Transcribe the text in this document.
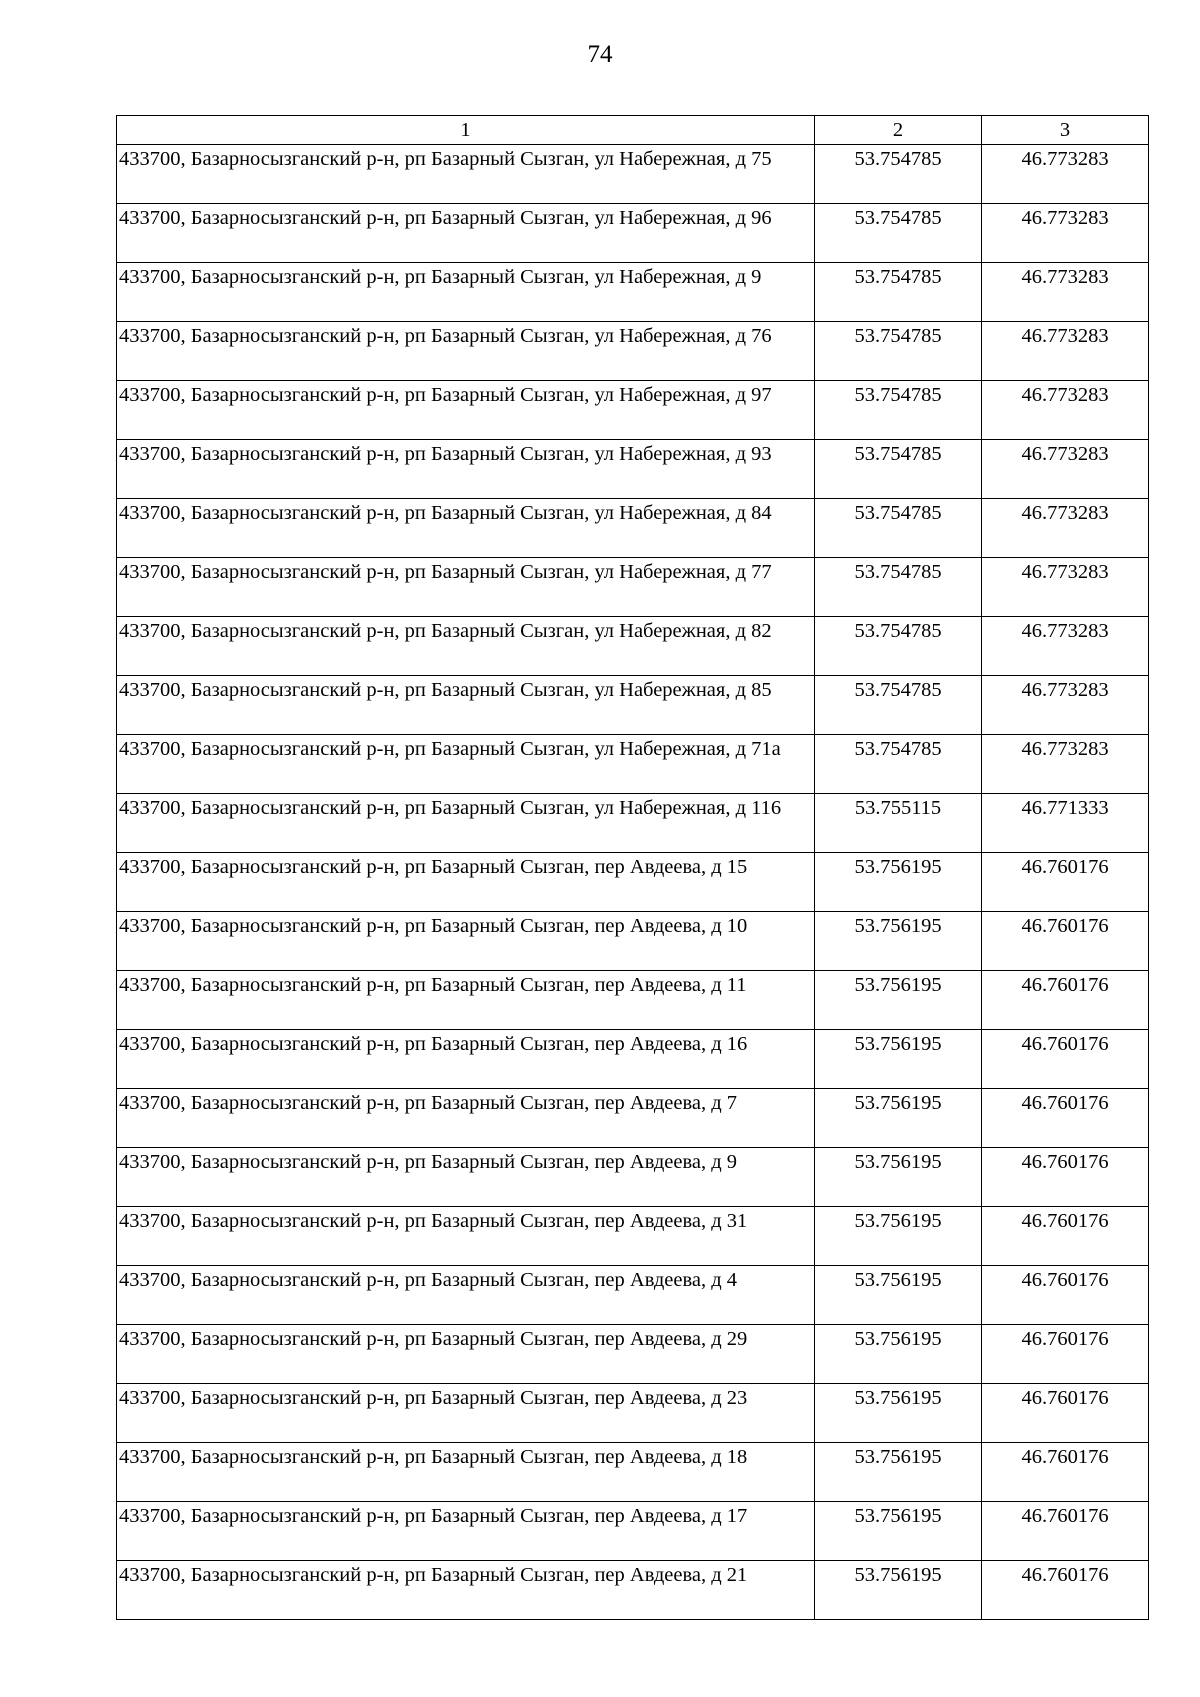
74
1	2	3
433700, Базарносызганский р-н, рп Базарный Сызган, ул Набережная, д 75	53.754785	46.773283
433700, Базарносызганский р-н, рп Базарный Сызган, ул Набережная, д 96	53.754785	46.773283
433700, Базарносызганский р-н, рп Базарный Сызган, ул Набережная, д 9	53.754785	46.773283
433700, Базарносызганский р-н, рп Базарный Сызган, ул Набережная, д 76	53.754785	46.773283
433700, Базарносызганский р-н, рп Базарный Сызган, ул Набережная, д 97	53.754785	46.773283
433700, Базарносызганский р-н, рп Базарный Сызган, ул Набережная, д 93	53.754785	46.773283
433700, Базарносызганский р-н, рп Базарный Сызган, ул Набережная, д 84	53.754785	46.773283
433700, Базарносызганский р-н, рп Базарный Сызган, ул Набережная, д 77	53.754785	46.773283
433700, Базарносызганский р-н, рп Базарный Сызган, ул Набережная, д 82	53.754785	46.773283
433700, Базарносызганский р-н, рп Базарный Сызган, ул Набережная, д 85	53.754785	46.773283
433700, Базарносызганский р-н, рп Базарный Сызган, ул Набережная, д 71а	53.754785	46.773283
433700, Базарносызганский р-н, рп Базарный Сызган, ул Набережная, д 116	53.755115	46.771333
433700, Базарносызганский р-н, рп Базарный Сызган, пер Авдеева, д 15	53.756195	46.760176
433700, Базарносызганский р-н, рп Базарный Сызган, пер Авдеева, д 10	53.756195	46.760176
433700, Базарносызганский р-н, рп Базарный Сызган, пер Авдеева, д 11	53.756195	46.760176
433700, Базарносызганский р-н, рп Базарный Сызган, пер Авдеева, д 16	53.756195	46.760176
433700, Базарносызганский р-н, рп Базарный Сызган, пер Авдеева, д 7	53.756195	46.760176
433700, Базарносызганский р-н, рп Базарный Сызган, пер Авдеева, д 9	53.756195	46.760176
433700, Базарносызганский р-н, рп Базарный Сызган, пер Авдеева, д 31	53.756195	46.760176
433700, Базарносызганский р-н, рп Базарный Сызган, пер Авдеева, д 4	53.756195	46.760176
433700, Базарносызганский р-н, рп Базарный Сызган, пер Авдеева, д 29	53.756195	46.760176
433700, Базарносызганский р-н, рп Базарный Сызган, пер Авдеева, д 23	53.756195	46.760176
433700, Базарносызганский р-н, рп Базарный Сызган, пер Авдеева, д 18	53.756195	46.760176
433700, Базарносызганский р-н, рп Базарный Сызган, пер Авдеева, д 17	53.756195	46.760176
433700, Базарносызганский р-н, рп Базарный Сызган, пер Авдеева, д 21	53.756195	46.760176
